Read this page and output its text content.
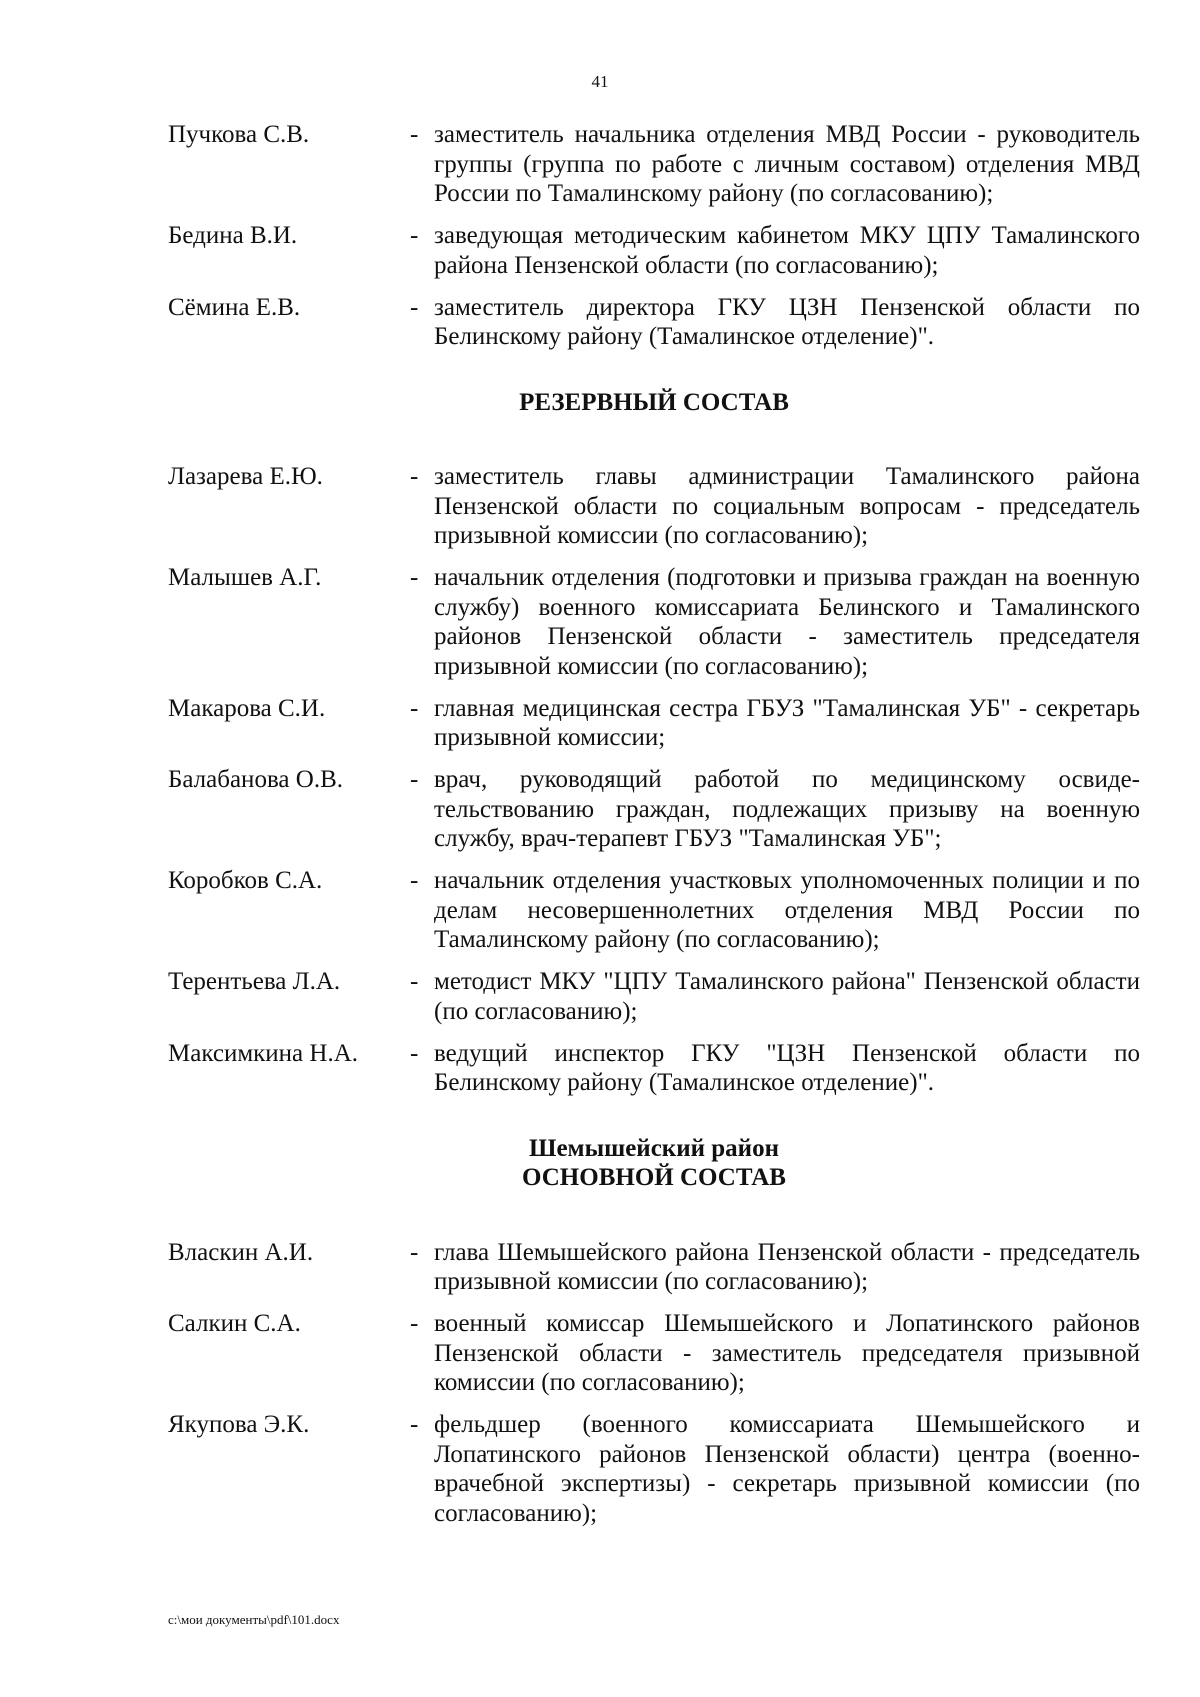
41
Пучкова С.В.	- заместитель начальника отделения МВД России - руководитель группы (группа по работе с личным составом) отделения МВД России по Тамалинскому району (по согласованию);
Бедина В.И.	- заведующая методическим кабинетом МКУ ЦПУ Тамалинского района Пензенской области (по согласованию);
Сёмина Е.В.	- заместитель директора ГКУ ЦЗН Пензенской области по Белинскому району (Тамалинское отделение)".
РЕЗЕРВНЫЙ СОСТАВ
Лазарева Е.Ю.	- заместитель главы администрации Тамалинского района Пензенской области по социальным вопросам - председатель призывной комиссии (по согласованию);
Малышев А.Г.	- начальник отделения (подготовки и призыва граждан на военную службу) военного комиссариата Белинского и Тамалинского районов Пензенской области - заместитель председателя призывной комиссии (по согласованию);
Макарова С.И.	- главная медицинская сестра ГБУЗ "Тамалинская УБ" - секретарь призывной комиссии;
Балабанова О.В.	- врач, руководящий работой по медицинскому освидетельствованию граждан, подлежащих призыву на военную службу, врач-терапевт ГБУЗ "Тамалинская УБ";
Коробков С.А.	- начальник отделения участковых уполномоченных полиции и по делам несовершеннолетних отделения МВД России по Тамалинскому району (по согласованию);
Терентьева Л.А.	- методист МКУ "ЦПУ Тамалинского района" Пензенской области (по согласованию);
Максимкина Н.А.	- ведущий инспектор ГКУ "ЦЗН Пензенской области по Белинскому району (Тамалинское отделение)".
Шемышейский район
ОСНОВНОЙ СОСТАВ
Власкин А.И.	- глава Шемышейского района Пензенской области - председатель призывной комиссии (по согласованию);
Салкин С.А.	- военный комиссар Шемышейского и Лопатинского районов Пензенской области - заместитель председателя призывной комиссии (по согласованию);
Якупова Э.К.	- фельдшер (военного комиссариата Шемышейского и Лопатинского районов Пензенской области) центра (военно-врачебной экспертизы) - секретарь призывной комиссии (по согласованию);
c:\мои документы\pdf\101.docx
